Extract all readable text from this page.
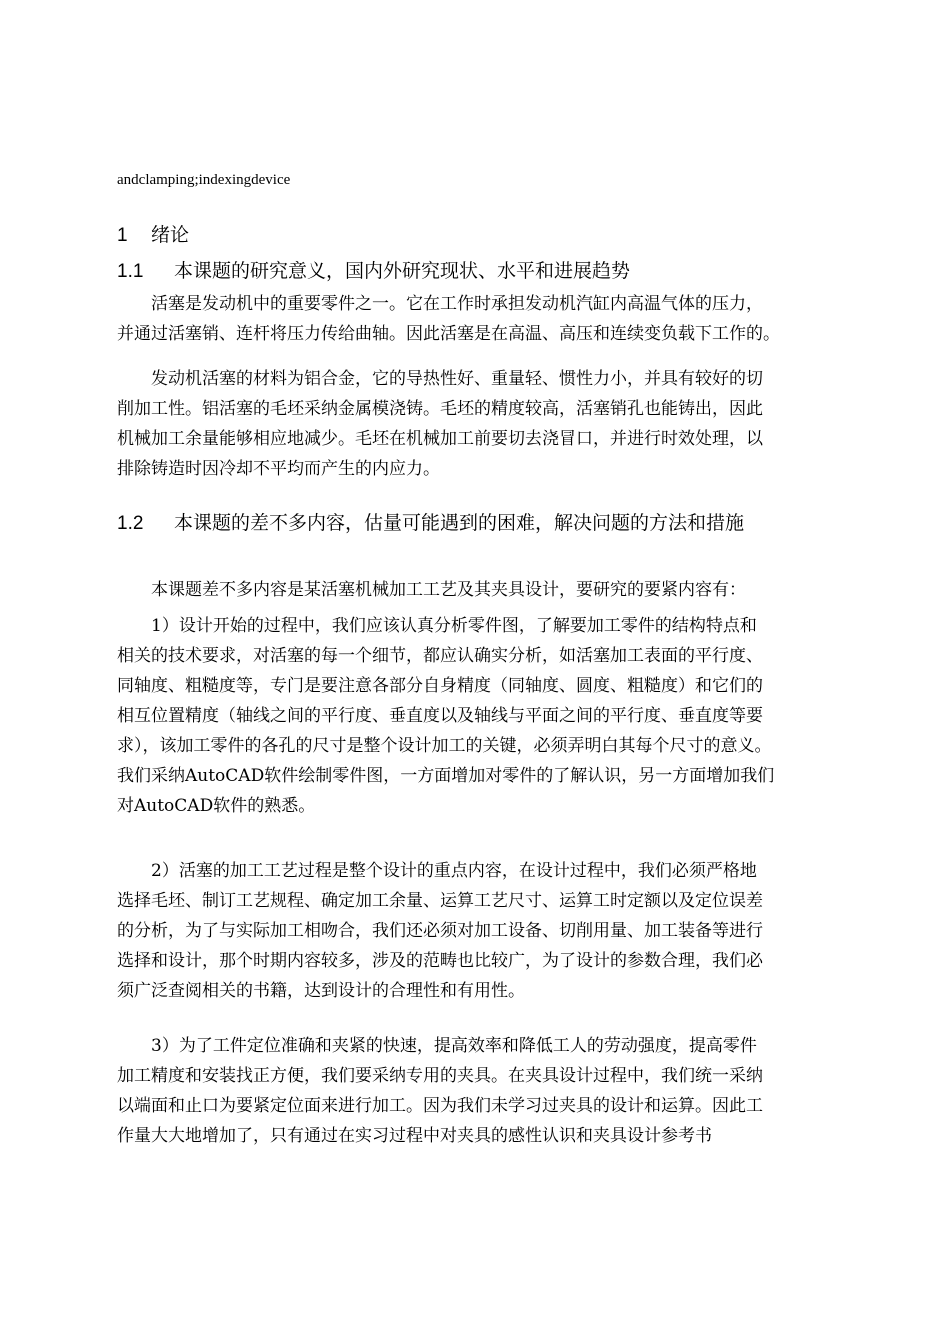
andclamping;indexingdevice
1 绪论
1.1 本课题的研究意义，国内外研究现状、水平和进展趋势

活塞是发动机中的重要零件之一。它在工作时承担发动机汽缸内高温气体的压力，
并通过活塞销、连杆将压力传给曲轴。因此活塞是在高温、高压和连续变负载下工作的。

发动机活塞的材料为铝合金，它的导热性好、重量轻、惯性力小，并具有较好的切
削加工性。铝活塞的毛坯采纳金属模浇铸。毛坯的精度较高，活塞销孔也能铸出，因此
机械加工余量能够相应地减少。毛坯在机械加工前要切去浇冒口，并进行时效处理，以
排除铸造时因冷却不平均而产生的内应力。

1.2 本课题的差不多内容，估量可能遇到的困难，解决问题的方法和措施

本课题差不多内容是某活塞机械加工工艺及其夹具设计，要研究的要紧内容有：

1）设计开始的过程中，我们应该认真分析零件图，了解要加工零件的结构特点和
相关的技术要求，对活塞的每一个细节，都应认确实分析，如活塞加工表面的平行度、
同轴度、粗糙度等，专门是要注意各部分自身精度（同轴度、圆度、粗糙度）和它们的
相互位置精度（轴线之间的平行度、垂直度以及轴线与平面之间的平行度、垂直度等要
求），该加工零件的各孔的尺寸是整个设计加工的关键，必须弄明白其每个尺寸的意义。
我们采纳AutoCAD软件绘制零件图，一方面增加对零件的了解认识，另一方面增加我们
对AutoCAD软件的熟悉。

2）活塞的加工工艺过程是整个设计的重点内容，在设计过程中，我们必须严格地
选择毛坯、制订工艺规程、确定加工余量、运算工艺尺寸、运算工时定额以及定位误差
的分析，为了与实际加工相吻合，我们还必须对加工设备、切削用量、加工装备等进行
选择和设计，那个时期内容较多，涉及的范畴也比较广，为了设计的参数合理，我们必
须广泛查阅相关的书籍，达到设计的合理性和有用性。

3）为了工件定位准确和夹紧的快速，提高效率和降低工人的劳动强度，提高零件
加工精度和安装找正方便，我们要采纳专用的夹具。在夹具设计过程中，我们统一采纳
以端面和止口为要紧定位面来进行加工。因为我们未学习过夹具的设计和运算。因此工
作量大大地增加了，只有通过在实习过程中对夹具的感性认识和夹具设计参考书
